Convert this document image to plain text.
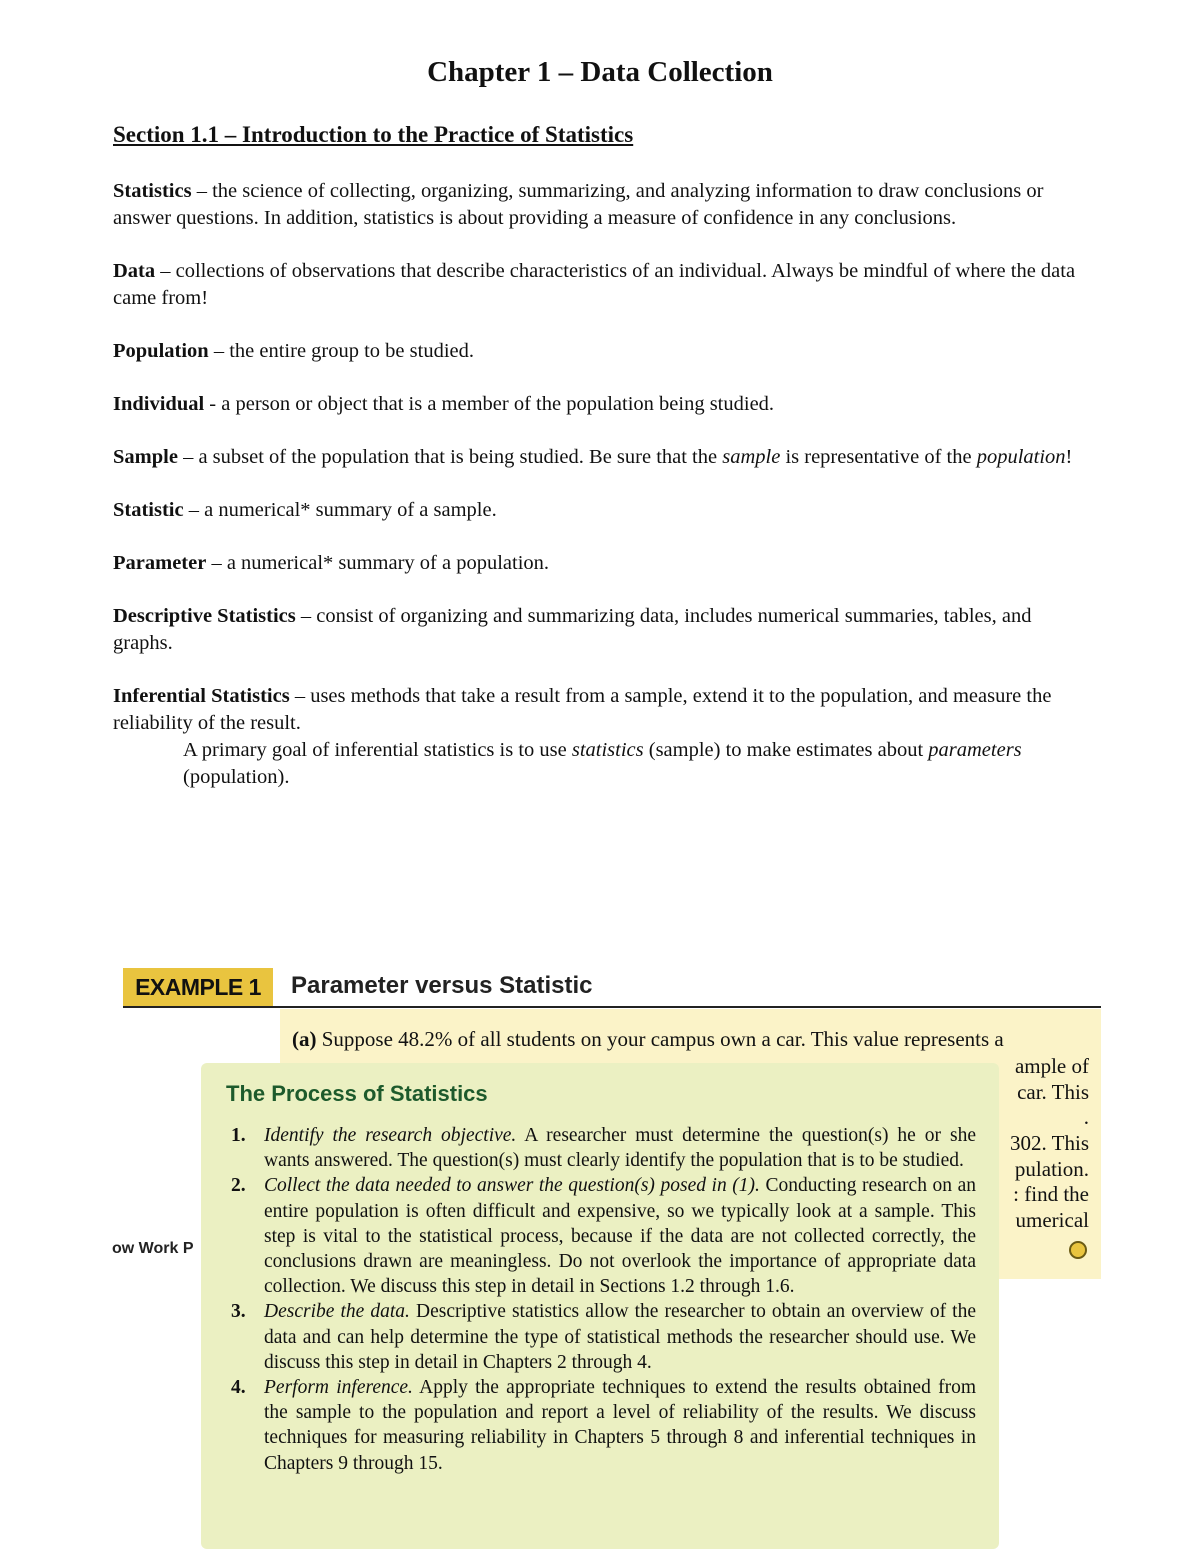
Chapter 1 – Data Collection
Section 1.1 – Introduction to the Practice of Statistics

Statistics – the science of collecting, organizing, summarizing, and analyzing information to draw conclusions or answer questions. In addition, statistics is about providing a measure of confidence in any conclusions.

Data – collections of observations that describe characteristics of an individual. Always be mindful of where the data came from!

Population – the entire group to be studied.

Individual - a person or object that is a member of the population being studied.

Sample – a subset of the population that is being studied. Be sure that the sample is representative of the population!

Statistic – a numerical* summary of a sample.

Parameter – a numerical* summary of a population.

Descriptive Statistics – consist of organizing and summarizing data, includes numerical summaries, tables, and graphs.

Inferential Statistics – uses methods that take a result from a sample, extend it to the population, and measure the reliability of the result.

A primary goal of inferential statistics is to use statistics (sample) to make estimates about parameters (population).

EXAMPLE 1	Parameter versus Statistic
(a) Suppose 48.2% of all students on your campus own a car. This value represents a
ample of
car. This
.
302. This
pulation.
: find the
umerical
ow Work P
The Process of Statistics
1. Identify the research objective. A researcher must determine the question(s) he or she wants answered. The question(s) must clearly identify the population that is to be studied.
2. Collect the data needed to answer the question(s) posed in (1). Conducting research on an entire population is often difficult and expensive, so we typically look at a sample. This step is vital to the statistical process, because if the data are not collected correctly, the conclusions drawn are meaningless. Do not overlook the importance of appropriate data collection. We discuss this step in detail in Sections 1.2 through 1.6.
3. Describe the data. Descriptive statistics allow the researcher to obtain an overview of the data and can help determine the type of statistical methods the researcher should use. We discuss this step in detail in Chapters 2 through 4.
4. Perform inference. Apply the appropriate techniques to extend the results obtained from the sample to the population and report a level of reliability of the results. We discuss techniques for measuring reliability in Chapters 5 through 8 and inferential techniques in Chapters 9 through 15.
